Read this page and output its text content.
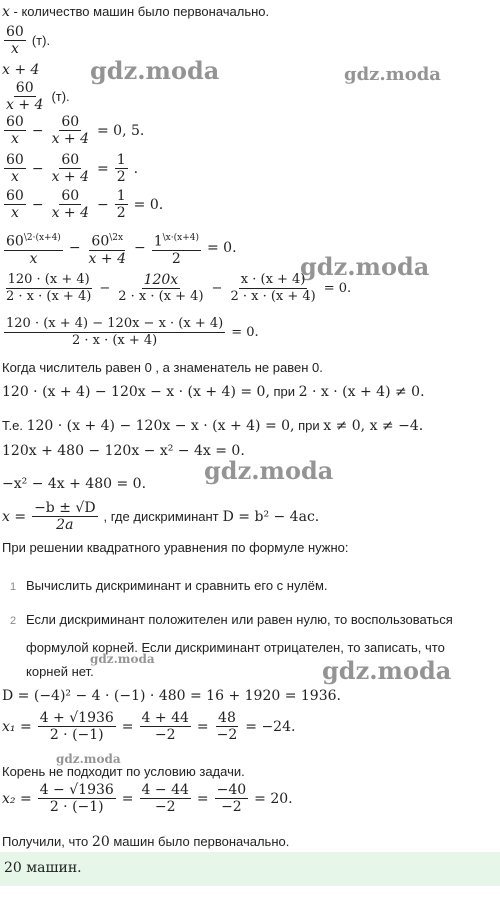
x - количество машин было первоначально.
$\frac{60}{x} (т)$.
x + 4
$\frac{60}{x + 4} (т)$.
$\frac{60}{x} - \frac{60}{x + 4} = 0$, 5.
$\frac{60}{x} - \frac{60}{x + 4} = \frac{1}{2}$ .
$\frac{60}{x} - \frac{60}{x + 4} - \frac{1}{2} = 0$.
$\frac{60^{\backslash 2\cdot(x+4)}}{x} - \frac{60^{\backslash 2x}}{x + 4} - \frac{1^{\backslash x\cdot(x+4)}}{2} = 0$.
$\frac{120 \cdot (x + 4)}{2 \cdot x \cdot (x + 4)} - \frac{120x}{2 \cdot x \cdot (x + 4)} - \frac{x \cdot (x + 4)}{2 \cdot x \cdot (x + 4)} = 0$.
$\frac{120 \cdot (x + 4) - 120x - x \cdot (x + 4)}{2 \cdot x \cdot (x + 4)} = 0$.
Когда числитель равен 0 , а знаменатель не равен 0.
120 · (x + 4) − 120x − x · (x + 4) = 0, при 2 · x · (x + 4) ≠ 0.
Т.е. 120 · (x + 4) − 120x − x · (x + 4) = 0, при x ≠ 0, x ≠ −4.
120x + 480 − 120x − x² − 4x = 0.
−x² − 4x + 480 = 0.
$x = \frac{-b \pm √D}{2a}$ , где дискриминант D = b² − 4ac.
При решении квадратного уравнения по формуле нужно:
1 Вычислить дискриминант и сравнить его с нулём.
2 Если дискриминант положителен или равен нулю, то воспользоваться
формулой корней. Если дискриминант отрицателен, то записать, что
корней нет.
D = (−4)² − 4 · (−1) · 480 = 16 + 1920 = 1936.
$x_1 = \frac{4 + √1936}{2 \cdot (-1)} = \frac{4 + 44}{-2} = \frac{48}{-2} = -24$.
Корень не подходит по условию задачи.
$x_2 = \frac{4 - √1936}{2 \cdot (-1)} = \frac{4 - 44}{-2} = \frac{-40}{-2} = 20$.
Получили, что 20 машин было первоначально.
20 машин.
gdz.moda	gdz.moda
gdz.moda
gdz.moda
gdz.moda	gdz.moda
gdz.moda
